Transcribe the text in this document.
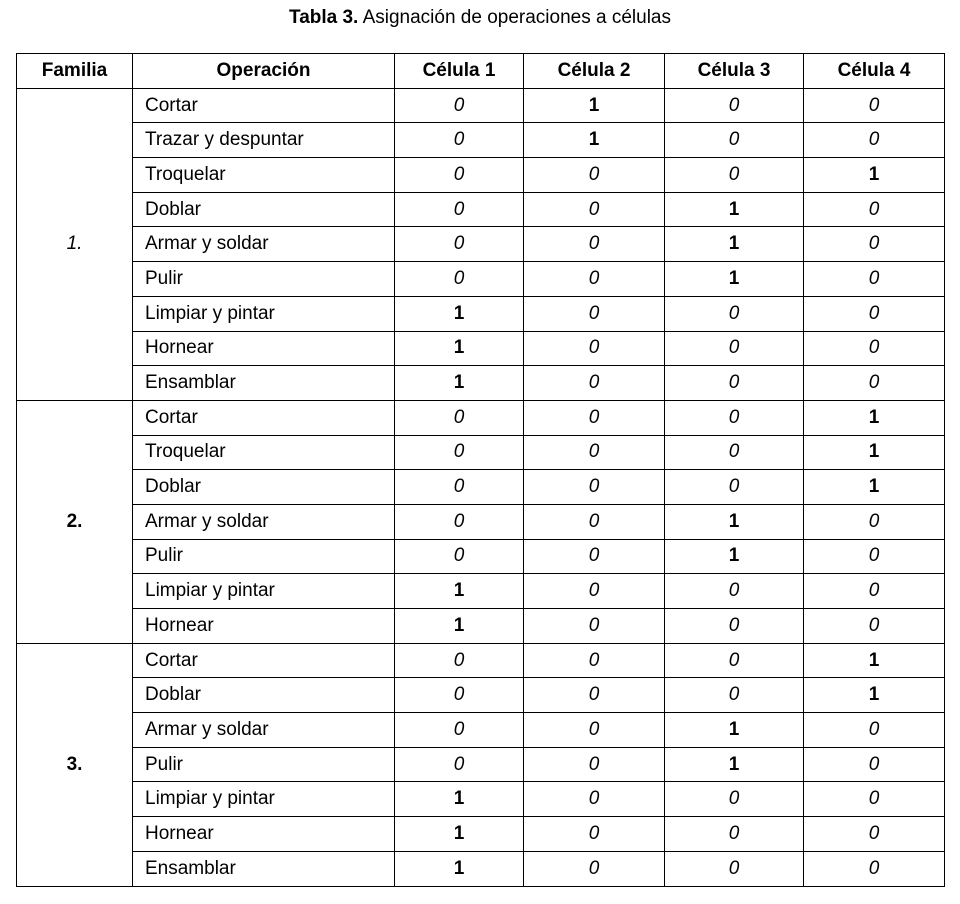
Tabla 3. Asignación de operaciones a células
Familia	Operación	Célula 1	Célula 2	Célula 3	Célula 4
1.	Cortar	0	1	0	0
	Trazar y despuntar	0	1	0	0
	Troquelar	0	0	0	1
	Doblar	0	0	1	0
	Armar y soldar	0	0	1	0
	Pulir	0	0	1	0
	Limpiar y pintar	1	0	0	0
	Hornear	1	0	0	0
	Ensamblar	1	0	0	0
2.	Cortar	0	0	0	1
	Troquelar	0	0	0	1
	Doblar	0	0	0	1
	Armar y soldar	0	0	1	0
	Pulir	0	0	1	0
	Limpiar y pintar	1	0	0	0
	Hornear	1	0	0	0
3.	Cortar	0	0	0	1
	Doblar	0	0	0	1
	Armar y soldar	0	0	1	0
	Pulir	0	0	1	0
	Limpiar y pintar	1	0	0	0
	Hornear	1	0	0	0
	Ensamblar	1	0	0	0
